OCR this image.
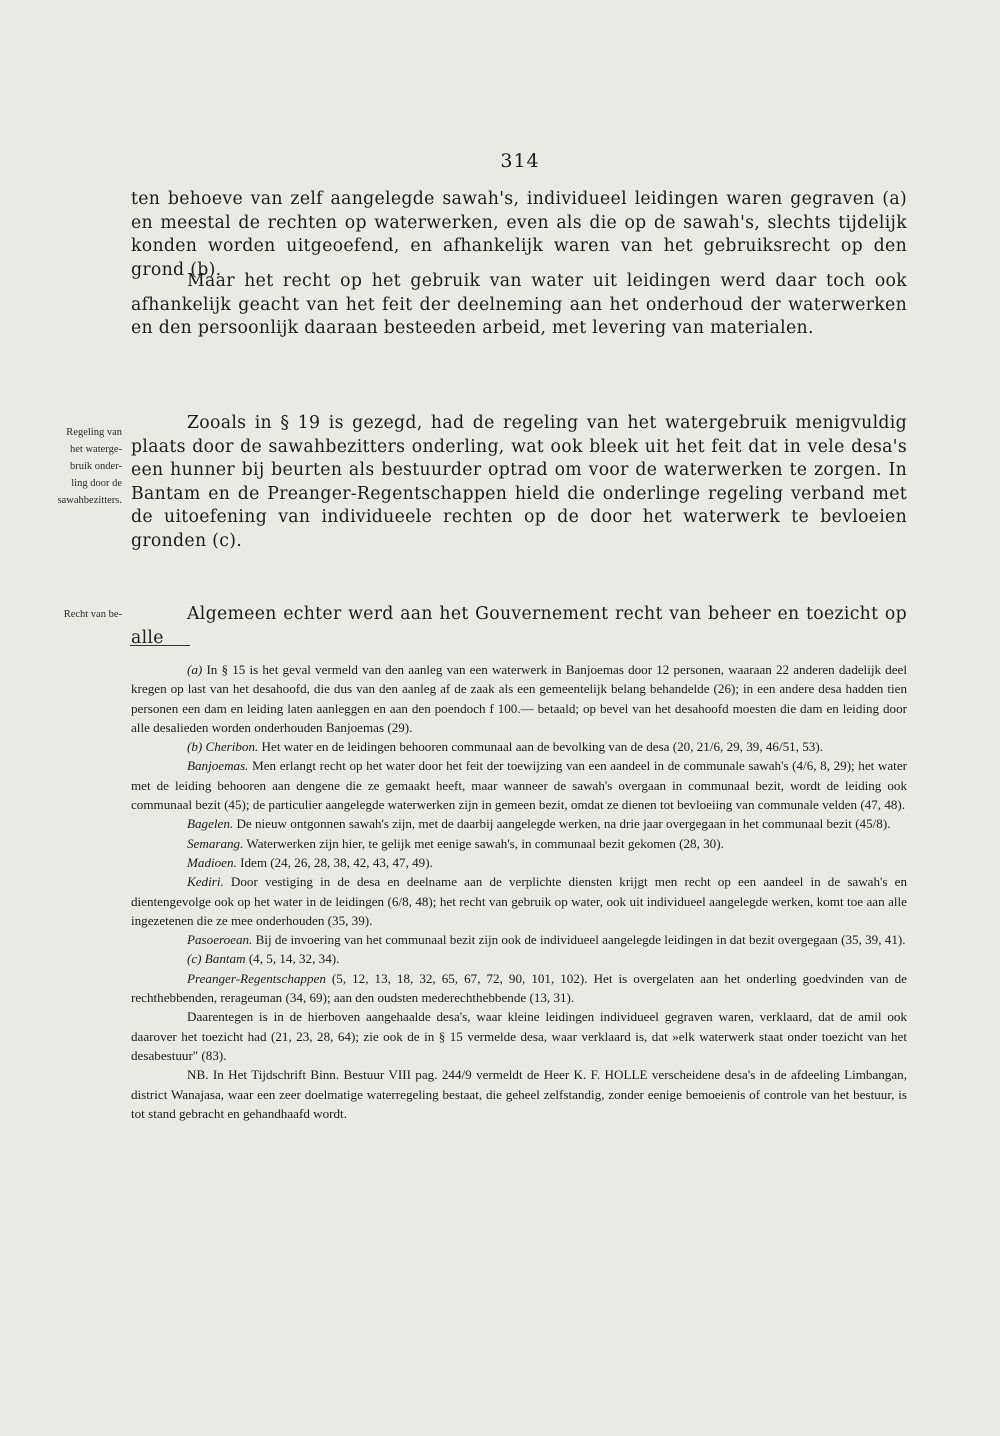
314

ten behoeve van zelf aangelegde sawah's, individueel leidingen waren gegraven (a) en meestal de rechten op waterwerken, even als die op de sawah's, slechts tijdelijk konden worden uitgeoefend, en afhankelijk waren van het gebruiksrecht op den grond (b).

Maar het recht op het gebruik van water uit leidingen werd daar toch ook afhankelijk geacht van het feit der deelneming aan het onderhoud der waterwerken en den persoonlijk daaraan besteeden arbeid, met levering van materialen.

Regeling van
het waterge-
bruik onder-
ling door de
sawahbezitters.

Zooals in § 19 is gezegd, had de regeling van het watergebruik menigvuldig plaats door de sawahbezitters onderling, wat ook bleek uit het feit dat in vele desa's een hunner bij beurten als bestuurder optrad om voor de waterwerken te zorgen. In Bantam en de Preanger-Regentschappen hield die onderlinge regeling verband met de uitoefening van individueele rechten op de door het waterwerk te bevloeien gronden (c).

Recht van be-	Algemeen echter werd aan het Gouvernement recht van beheer en toezicht op alle

(a) In § 15 is het geval vermeld van den aanleg van een waterwerk in Banjoemas door 12 personen, waaraan 22 anderen dadelijk deel kregen op last van het desahoofd, die dus van den aanleg af de zaak als een gemeentelijk belang behandelde (26); in een andere desa hadden tien personen een dam en leiding laten aanleggen en aan den poendoch f 100.— betaald; op bevel van het desahoofd moesten die dam en leiding door alle desalieden worden onderhouden Banjoemas (29).

(b) Cheribon. Het water en de leidingen behooren communaal aan de bevolking van de desa (20, 21/6, 29, 39, 46/51, 53).

Banjoemas. Men erlangt recht op het water door het feit der toewijzing van een aandeel in de communale sawah's (4/6, 8, 29); het water met de leiding behooren aan dengene die ze gemaakt heeft, maar wanneer de sawah's overgaan in communaal bezit, wordt de leiding ook communaal bezit (45); de particulier aangelegde waterwerken zijn in gemeen bezit, omdat ze dienen tot bevloeiing van communale velden (47, 48).

Bagelen. De nieuw ontgonnen sawah's zijn, met de daarbij aangelegde werken, na drie jaar overgegaan in het communaal bezit (45/8).

Semarang. Waterwerken zijn hier, te gelijk met eenige sawah's, in communaal bezit gekomen (28, 30).

Madioen. Idem (24, 26, 28, 38, 42, 43, 47, 49).

Kediri. Door vestiging in de desa en deelname aan de verplichte diensten krijgt men recht op een aandeel in de sawah's en dientengevolge ook op het water in de leidingen (6/8, 48); het recht van gebruik op water, ook uit individueel aangelegde werken, komt toe aan alle ingezetenen die ze mee onderhouden (35, 39).

Pasoeroean. Bij de invoering van het communaal bezit zijn ook de individueel aangelegde leidingen in dat bezit overgegaan (35, 39, 41).

(c) Bantam (4, 5, 14, 32, 34).

Preanger-Regentschappen (5, 12, 13, 18, 32, 65, 67, 72, 90, 101, 102). Het is overgelaten aan het onderling goedvinden van de rechthebbenden, rerageuman (34, 69); aan den oudsten mederechthebbende (13, 31).

Daarentegen is in de hierboven aangehaalde desa's, waar kleine leidingen individueel gegraven waren, verklaard, dat de amil ook daarover het toezicht had (21, 23, 28, 64); zie ook de in § 15 vermelde desa, waar verklaard is, dat »elk waterwerk staat onder toezicht van het desabestuur" (83).

NB. In Het Tijdschrift Binn. Bestuur VIII pag. 244/9 vermeldt de Heer K. F. HOLLE verscheidene desa's in de afdeeling Limbangan, district Wanajasa, waar een zeer doelmatige waterregeling bestaat, die geheel zelfstandig, zonder eenige bemoeienis of controle van het bestuur, is tot stand gebracht en gehandhaafd wordt.
